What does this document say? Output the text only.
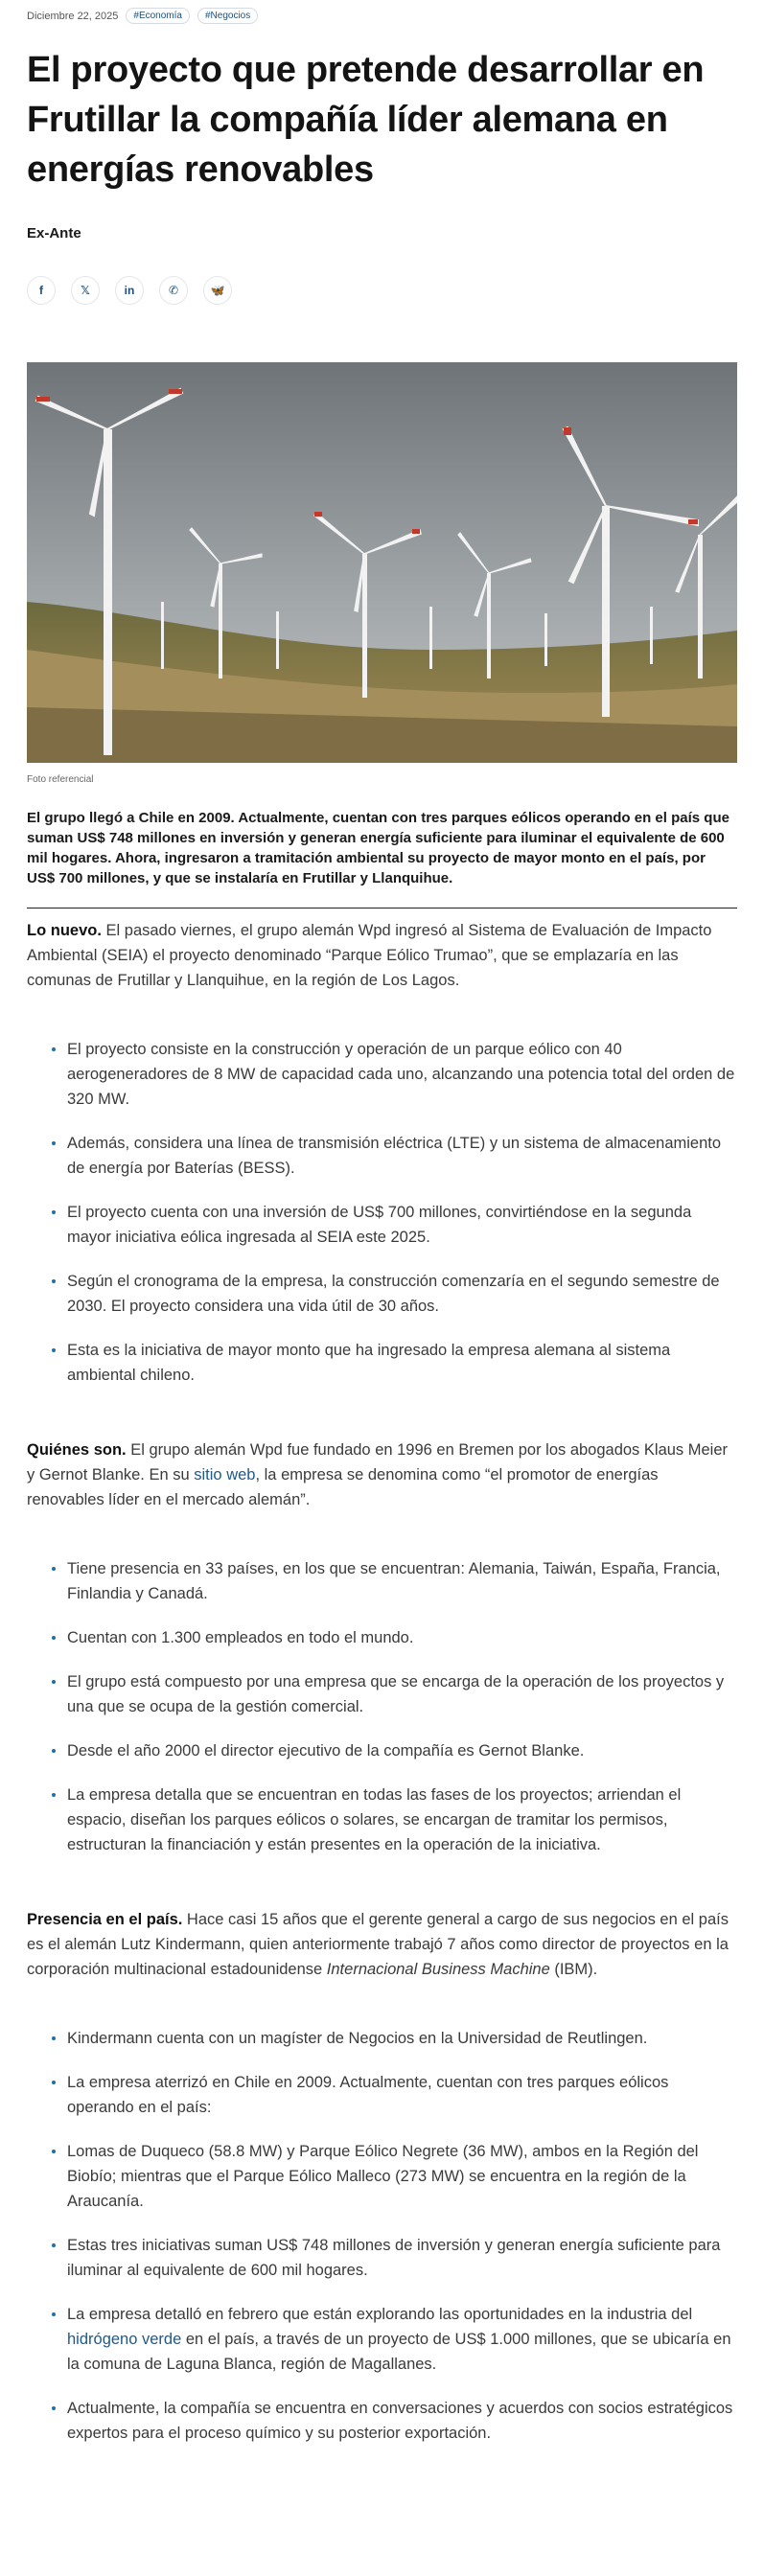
Diciembre 22, 2025	#Economía	#Negocios
El proyecto que pretende desarrollar en Frutillar la compañía líder alemana en energías renovables
Ex-Ante
f	𝕏	in	✆	🦋
Foto referencial
El grupo llegó a Chile en 2009. Actualmente, cuentan con tres parques eólicos operando en el país que suman US$ 748 millones en inversión y generan energía suficiente para iluminar el equivalente de 600 mil hogares. Ahora, ingresaron a tramitación ambiental su proyecto de mayor monto en el país, por US$ 700 millones, y que se instalaría en Frutillar y Llanquihue.

Lo nuevo. El pasado viernes, el grupo alemán Wpd ingresó al Sistema de Evaluación de Impacto Ambiental (SEIA) el proyecto denominado “Parque Eólico Trumao”, que se emplazaría en las comunas de Frutillar y Llanquihue, en la región de Los Lagos.

El proyecto consiste en la construcción y operación de un parque eólico con 40 aerogeneradores de 8 MW de capacidad cada uno, alcanzando una potencia total del orden de 320 MW.
Además, considera una línea de transmisión eléctrica (LTE) y un sistema de almacenamiento de energía por Baterías (BESS).
El proyecto cuenta con una inversión de US$ 700 millones, convirtiéndose en la segunda mayor iniciativa eólica ingresada al SEIA este 2025.
Según el cronograma de la empresa, la construcción comenzaría en el segundo semestre de 2030. El proyecto considera una vida útil de 30 años.
Esta es la iniciativa de mayor monto que ha ingresado la empresa alemana al sistema ambiental chileno.

Quiénes son. El grupo alemán Wpd fue fundado en 1996 en Bremen por los abogados Klaus Meier y Gernot Blanke. En su sitio web, la empresa se denomina como “el promotor de energías renovables líder en el mercado alemán”.

Tiene presencia en 33 países, en los que se encuentran: Alemania, Taiwán, España, Francia, Finlandia y Canadá.
Cuentan con 1.300 empleados en todo el mundo.
El grupo está compuesto por una empresa que se encarga de la operación de los proyectos y una que se ocupa de la gestión comercial.
Desde el año 2000 el director ejecutivo de la compañía es Gernot Blanke.
La empresa detalla que se encuentran en todas las fases de los proyectos; arriendan el espacio, diseñan los parques eólicos o solares, se encargan de tramitar los permisos, estructuran la financiación y están presentes en la operación de la iniciativa.

Presencia en el país. Hace casi 15 años que el gerente general a cargo de sus negocios en el país es el alemán Lutz Kindermann, quien anteriormente trabajó 7 años como director de proyectos en la corporación multinacional estadounidense Internacional Business Machine (IBM).

Kindermann cuenta con un magíster de Negocios en la Universidad de Reutlingen.
La empresa aterrizó en Chile en 2009. Actualmente, cuentan con tres parques eólicos operando en el país:
Lomas de Duqueco (58.8 MW) y Parque Eólico Negrete (36 MW), ambos en la Región del Biobío; mientras que el Parque Eólico Malleco (273 MW) se encuentra en la región de la Araucanía.
Estas tres iniciativas suman US$ 748 millones de inversión y generan energía suficiente para iluminar al equivalente de 600 mil hogares.
La empresa detalló en febrero que están explorando las oportunidades en la industria del hidrógeno verde en el país, a través de un proyecto de US$ 1.000 millones, que se ubicaría en la comuna de Laguna Blanca, región de Magallanes.
Actualmente, la compañía se encuentra en conversaciones y acuerdos con socios estratégicos expertos para el proceso químico y su posterior exportación.
